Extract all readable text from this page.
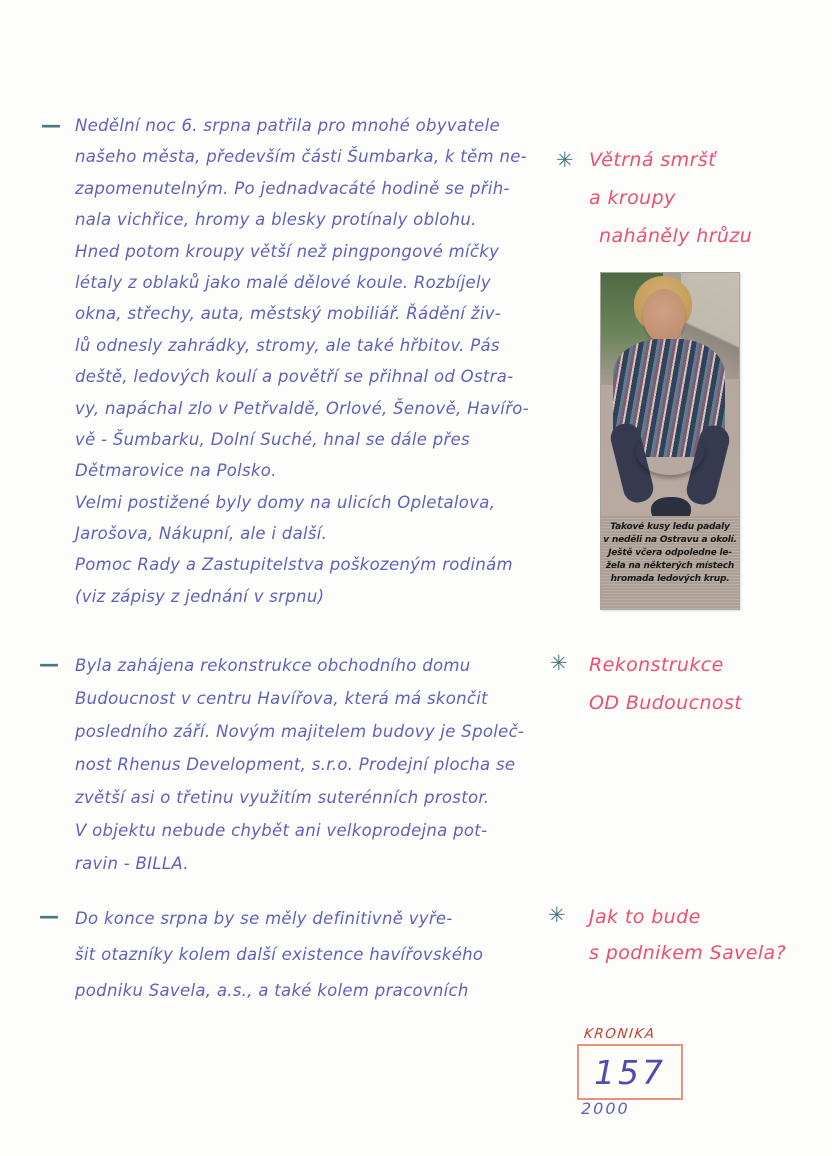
— Nedělní noc 6. srpna patřila pro mnohé obyvatele
našeho města, především části Šumbarka, k těm ne-
zapomenutelným. Po jednadvacáté hodině se přih-
nala vichřice, hromy a blesky protínaly oblohu.
Hned potom kroupy větší než pingpongové míčky
létaly z oblaků jako malé dělové koule. Rozbíjely
okna, střechy, auta, městský mobiliář. Řádění živ-
lů odnesly zahrádky, stromy, ale také hřbitov. Pás
deště, ledových koulí a povětří se přihnal od Ostra-
vy, napáchal zlo v Petřvaldě, Orlové, Šenově, Havířo-
vě - Šumbarku, Dolní Suché, hnal se dále přes
Dětmarovice na Polsko.
Velmi postižené byly domy na ulicích Opletalova,
Jarošova, Nákupní, ale i další.
Pomoc Rady a Zastupitelstva poškozeným rodinám
(viz zápisy z jednání v srpnu)
✳ Větrná smršť
a kroupy
naháněly hrůzu
— Byla zahájena rekonstrukce obchodního domu
Budoucnost v centru Havířova, která má skončit
posledního září. Novým majitelem budovy je Společ-
nost Rhenus Development, s.r.o. Prodejní plocha se
zvětší asi o třetinu využitím suterénních prostor.
V objektu nebude chybět ani velkoprodejna pot-
ravin - BILLA.
✳ Rekonstrukce
OD Budoucnost
— Do konce srpna by se měly definitivně vyře-
šit otazníky kolem další existence havířovského
podniku Savela, a.s., a také kolem pracovních
✳ Jak to bude
s podnikem Savela?
Takové kusy ledu padaly
v neděli na Ostravu a okolí.
Ještě včera odpoledne le-
žela na některých místech
hromada ledových krup.
KRONIKA
157
2000
